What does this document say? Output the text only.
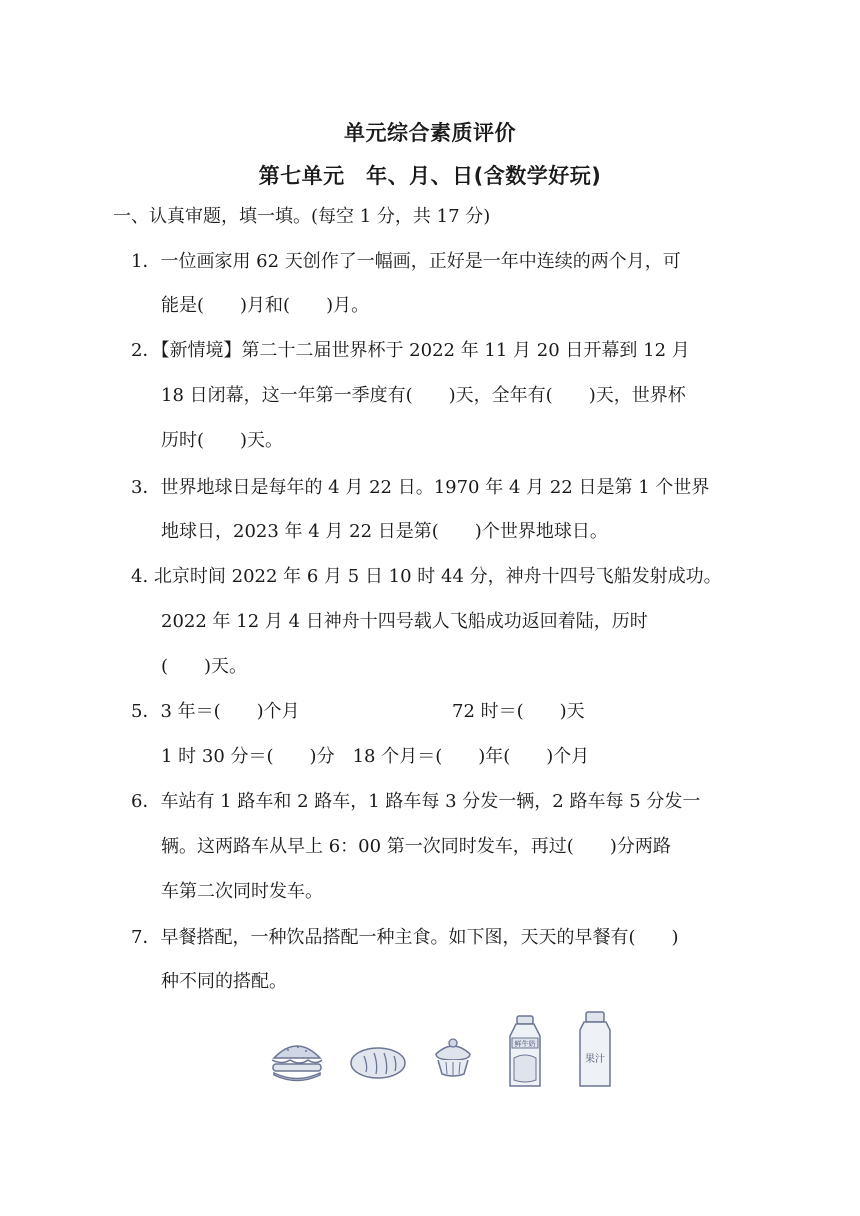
单元综合素质评价
第七单元　年、月、日(含数学好玩)
一、认真审题，填一填。(每空 1 分，共 17 分)
1．一位画家用 62 天创作了一幅画，正好是一年中连续的两个月，可
能是(　　)月和(　　)月。
2．【新情境】第二十二届世界杯于 2022 年 11 月 20 日开幕到 12 月
18 日闭幕，这一年第一季度有(　　)天，全年有(　　)天，世界杯
历时(　　)天。
3．世界地球日是每年的 4 月 22 日。1970 年 4 月 22 日是第 1 个世界
地球日，2023 年 4 月 22 日是第(　　)个世界地球日。
4. 北京时间 2022 年 6 月 5 日 10 时 44 分，神舟十四号飞船发射成功。
2022 年 12 月 4 日神舟十四号载人飞船成功返回着陆，历时
(　　)天。
5．3 年＝(　　)个月	72 时＝(　　)天
1 时 30 分＝(　　)分　18 个月＝(　　)年(　　)个月
6．车站有 1 路车和 2 路车，1 路车每 3 分发一辆，2 路车每 5 分发一
辆。这两路车从早上 6：00 第一次同时发车，再过(　　)分两路
车第二次同时发车。
7．早餐搭配，一种饮品搭配一种主食。如下图，天天的早餐有(　　)
种不同的搭配。
鲜牛奶
果汁
